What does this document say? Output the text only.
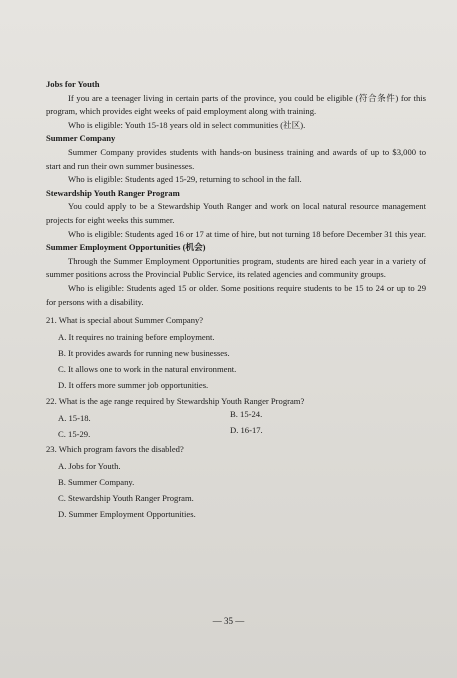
Jobs for Youth

If you are a teenager living in certain parts of the province, you could be eligible (符合条件) for this program, which provides eight weeks of paid employment along with training.

Who is eligible: Youth 15-18 years old in select communities (社区).

Summer Company

Summer Company provides students with hands-on business training and awards of up to $3,000 to start and run their own summer businesses.

Who is eligible: Students aged 15-29, returning to school in the fall.

Stewardship Youth Ranger Program

You could apply to be a Stewardship Youth Ranger and work on local natural resource management projects for eight weeks this summer.

Who is eligible: Students aged 16 or 17 at time of hire, but not turning 18 before December 31 this year.

Summer Employment Opportunities (机会)

Through the Summer Employment Opportunities program, students are hired each year in a variety of summer positions across the Provincial Public Service, its related agencies and community groups.

Who is eligible: Students aged 15 or older. Some positions require students to be 15 to 24 or up to 29 for persons with a disability.

21. What is special about Summer Company?

A. It requires no training before employment.

B. It provides awards for running new businesses.

C. It allows one to work in the natural environment.

D. It offers more summer job opportunities.

22. What is the age range required by Stewardship Youth Ranger Program?

A. 15-18.	B. 15-24.
C. 15-29.	D. 16-17.

23. Which program favors the disabled?

A. Jobs for Youth.

B. Summer Company.

C. Stewardship Youth Ranger Program.

D. Summer Employment Opportunities.

— 35 —
